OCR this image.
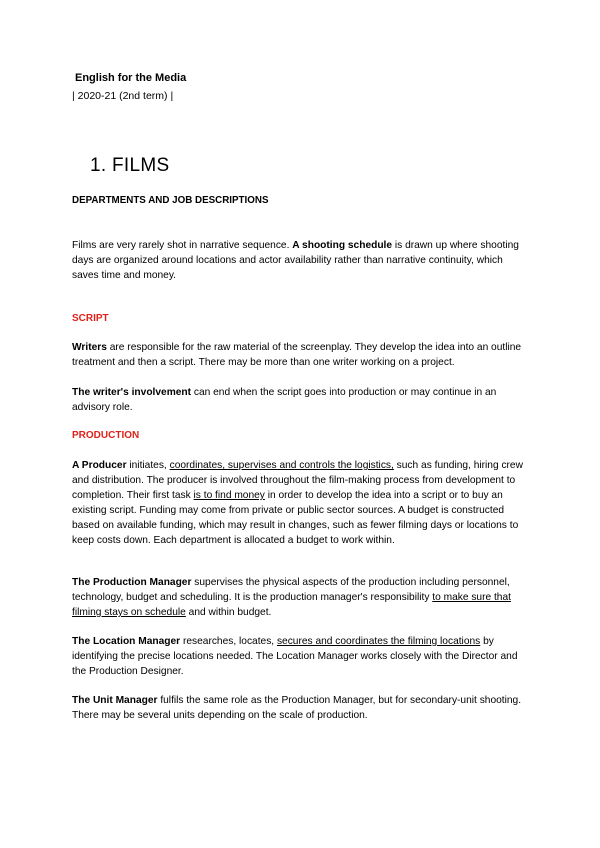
English for the Media
| 2020-21 (2nd term) |
1. FILMS
DEPARTMENTS AND JOB DESCRIPTIONS

Films are very rarely shot in narrative sequence. A shooting schedule is drawn up where shooting days are organized around locations and actor availability rather than narrative continuity, which saves time and money.

SCRIPT

Writers are responsible for the raw material of the screenplay. They develop the idea into an outline treatment and then a script. There may be more than one writer working on a project.

The writer's involvement can end when the script goes into production or may continue in an advisory role.

PRODUCTION

A Producer initiates, coordinates, supervises and controls the logistics, such as funding, hiring crew and distribution. The producer is involved throughout the film-making process from development to completion. Their first task is to find money in order to develop the idea into a script or to buy an existing script. Funding may come from private or public sector sources. A budget is constructed based on available funding, which may result in changes, such as fewer filming days or locations to keep costs down. Each department is allocated a budget to work within.

The Production Manager supervises the physical aspects of the production including personnel, technology, budget and scheduling. It is the production manager's responsibility to make sure that filming stays on schedule and within budget.

The Location Manager researches, locates, secures and coordinates the filming locations by identifying the precise locations needed. The Location Manager works closely with the Director and the Production Designer.

The Unit Manager fulfils the same role as the Production Manager, but for secondary-unit shooting. There may be several units depending on the scale of production.
